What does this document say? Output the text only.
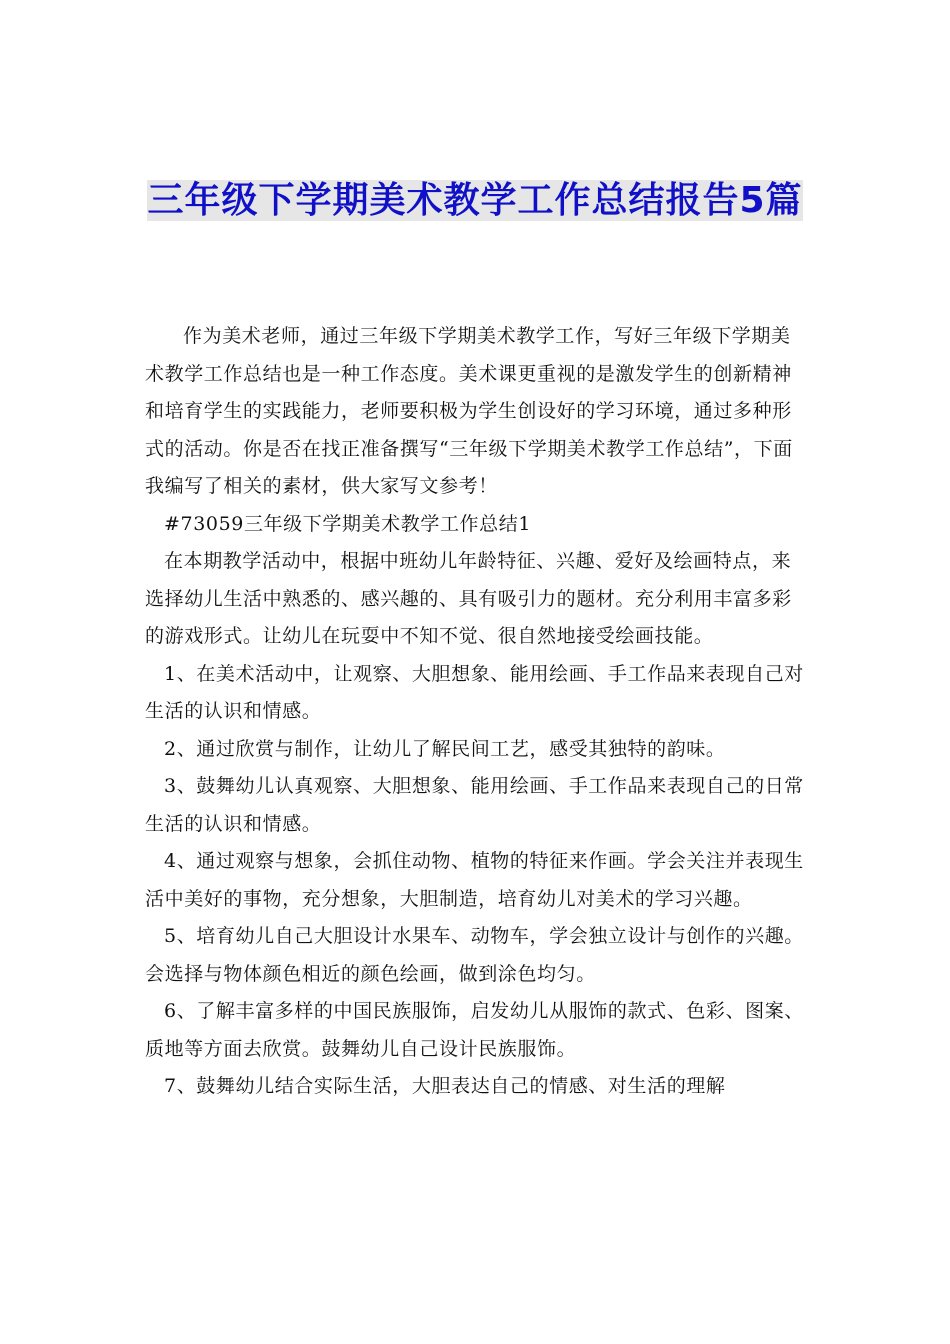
三年级下学期美术教学工作总结报告5篇

作为美术老师，通过三年级下学期美术教学工作，写好三年级下学期美术教学工作总结也是一种工作态度。美术课更重视的是激发学生的创新精神和培育学生的实践能力，老师要积极为学生创设好的学习环境，通过多种形式的活动。你是否在找正准备撰写“三年级下学期美术教学工作总结”，下面我编写了相关的素材，供大家写文参考！

#73059三年级下学期美术教学工作总结1

在本期教学活动中，根据中班幼儿年龄特征、兴趣、爱好及绘画特点，来选择幼儿生活中熟悉的、感兴趣的、具有吸引力的题材。充分利用丰富多彩的游戏形式。让幼儿在玩耍中不知不觉、很自然地接受绘画技能。

1、在美术活动中，让观察、大胆想象、能用绘画、手工作品来表现自己对生活的认识和情感。

2、通过欣赏与制作，让幼儿了解民间工艺，感受其独特的韵味。

3、鼓舞幼儿认真观察、大胆想象、能用绘画、手工作品来表现自己的日常生活的认识和情感。

4、通过观察与想象，会抓住动物、植物的特征来作画。学会关注并表现生活中美好的事物，充分想象，大胆制造，培育幼儿对美术的学习兴趣。

5、培育幼儿自己大胆设计水果车、动物车，学会独立设计与创作的兴趣。会选择与物体颜色相近的颜色绘画，做到涂色均匀。

6、了解丰富多样的中国民族服饰，启发幼儿从服饰的款式、色彩、图案、质地等方面去欣赏。鼓舞幼儿自己设计民族服饰。

7、鼓舞幼儿结合实际生活，大胆表达自己的情感、对生活的理解
